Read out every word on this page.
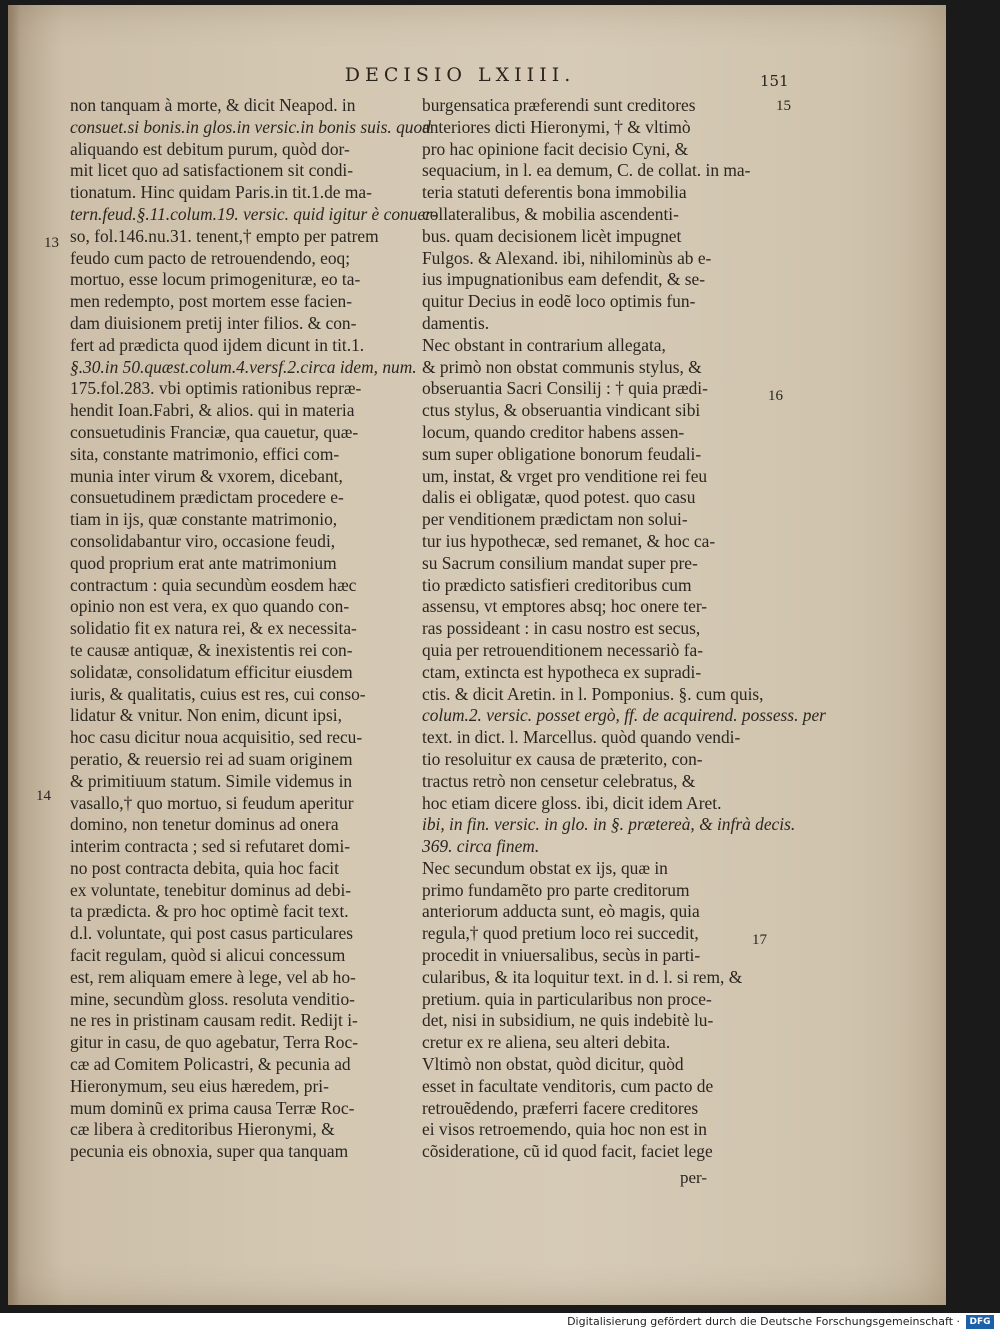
DECISIO LXIIII.	151
non tanquam à morte, & dicit Neapod. in
consuet.si bonis.in glos.in versic.in bonis suis. quod
aliquando est debitum purum, quòd dor-
mit licet quo ad satisfactionem sit condi-
tionatum. Hinc quidam Paris.in tit.1.de ma-
tern.feud.§.11.colum.19. versic. quid igitur è conuer-
so, fol.146.nu.31. tenent,† empto per patrem
feudo cum pacto de retrouendendo, eoq;
mortuo, esse locum primogenituræ, eo ta-
men redempto, post mortem esse facien-
dam diuisionem pretij inter filios. & con-
fert ad prædicta quod ijdem dicunt in tit.1.
§.30.in 50.quæst.colum.4.versf.2.circa idem, num.
175.fol.283. vbi optimis rationibus repræ-
hendit Ioan.Fabri, & alios. qui in materia
consuetudinis Franciæ, qua cauetur, quæ-
sita, constante matrimonio, effici com-
munia inter virum & vxorem, dicebant,
consuetudinem prædictam procedere e-
tiam in ijs, quæ constante matrimonio,
consolidabantur viro, occasione feudi,
quod proprium erat ante matrimonium
contractum : quia secundùm eosdem hæc
opinio non est vera, ex quo quando con-
solidatio fit ex natura rei, & ex necessita-
te causæ antiquæ, & inexistentis rei con-
solidatæ, consolidatum efficitur eiusdem
iuris, & qualitatis, cuius est res, cui conso-
lidatur & vnitur. Non enim, dicunt ipsi,
hoc casu dicitur noua acquisitio, sed recu-
peratio, & reuersio rei ad suam originem
& primitiuum statum. Simile videmus in
vasallo,† quo mortuo, si feudum aperitur
domino, non tenetur dominus ad onera
interim contracta ; sed si refutaret domi-
no post contracta debita, quia hoc facit
ex voluntate, tenebitur dominus ad debi-
ta prædicta. & pro hoc optimè facit text.
d.l. voluntate, qui post casus particulares
facit regulam, quòd si alicui concessum
est, rem aliquam emere à lege, vel ab ho-
mine, secundùm gloss. resoluta venditio-
ne res in pristinam causam redit. Redijt i-
gitur in casu, de quo agebatur, Terra Roc-
cæ ad Comitem Policastri, & pecunia ad
Hieronymum, seu eius hæredem, pri-
mum dominũ ex prima causa Terræ Roc-
cæ libera à creditoribus Hieronymi, &
pecunia eis obnoxia, super qua tanquam
burgensatica præferendi sunt creditores
anteriores dicti Hieronymi, † & vltimò
pro hac opinione facit decisio Cyni, &
sequacium, in l. ea demum, C. de collat. in ma-
teria statuti deferentis bona immobilia
collateralibus, & mobilia ascendenti-
bus. quam decisionem licèt impugnet
Fulgos. & Alexand. ibi, nihilominùs ab e-
ius impugnationibus eam defendit, & se-
quitur Decius in eodẽ loco optimis fun-
damentis.
Nec obstant in contrarium allegata,
& primò non obstat communis stylus, &
obseruantia Sacri Consilij : † quia prædi-
ctus stylus, & obseruantia vindicant sibi
locum, quando creditor habens assen-
sum super obligatione bonorum feudali-
um, instat, & vrget pro venditione rei feu
dalis ei obligatæ, quod potest. quo casu
per venditionem prædictam non solui-
tur ius hypothecæ, sed remanet, & hoc ca-
su Sacrum consilium mandat super pre-
tio prædicto satisfieri creditoribus cum
assensu, vt emptores absq; hoc onere ter-
ras possideant : in casu nostro est secus,
quia per retrouenditionem necessariò fa-
ctam, extincta est hypotheca ex supradi-
ctis. & dicit Aretin. in l. Pomponius. §. cum quis,
colum.2. versic. posset ergò, ff. de acquirend. possess. per
text. in dict. l. Marcellus. quòd quando vendi-
tio resoluitur ex causa de præterito, con-
tractus retrò non censetur celebratus, &
hoc etiam dicere gloss. ibi, dicit idem Aret.
ibi, in fin. versic. in glo. in §. prætereà, & infrà decis.
369. circa finem.
Nec secundum obstat ex ijs, quæ in
primo fundamẽto pro parte creditorum
anteriorum adducta sunt, eò magis, quia
regula,† quod pretium loco rei succedit,
procedit in vniuersalibus, secùs in parti-
cularibus, & ita loquitur text. in d. l. si rem, &
pretium. quia in particularibus non proce-
det, nisi in subsidium, ne quis indebitè lu-
cretur ex re aliena, seu alteri debita.
Vltimò non obstat, quòd dicitur, quòd
esset in facultate venditoris, cum pacto de
retrouẽdendo, præferri facere creditores
ei visos retroemendo, quia hoc non est in
cõsideratione, cũ id quod facit, faciet lege
13
14
15
16
17
per-
Digitalisierung gefördert durch die Deutsche Forschungsgemeinschaft ·	DFG
